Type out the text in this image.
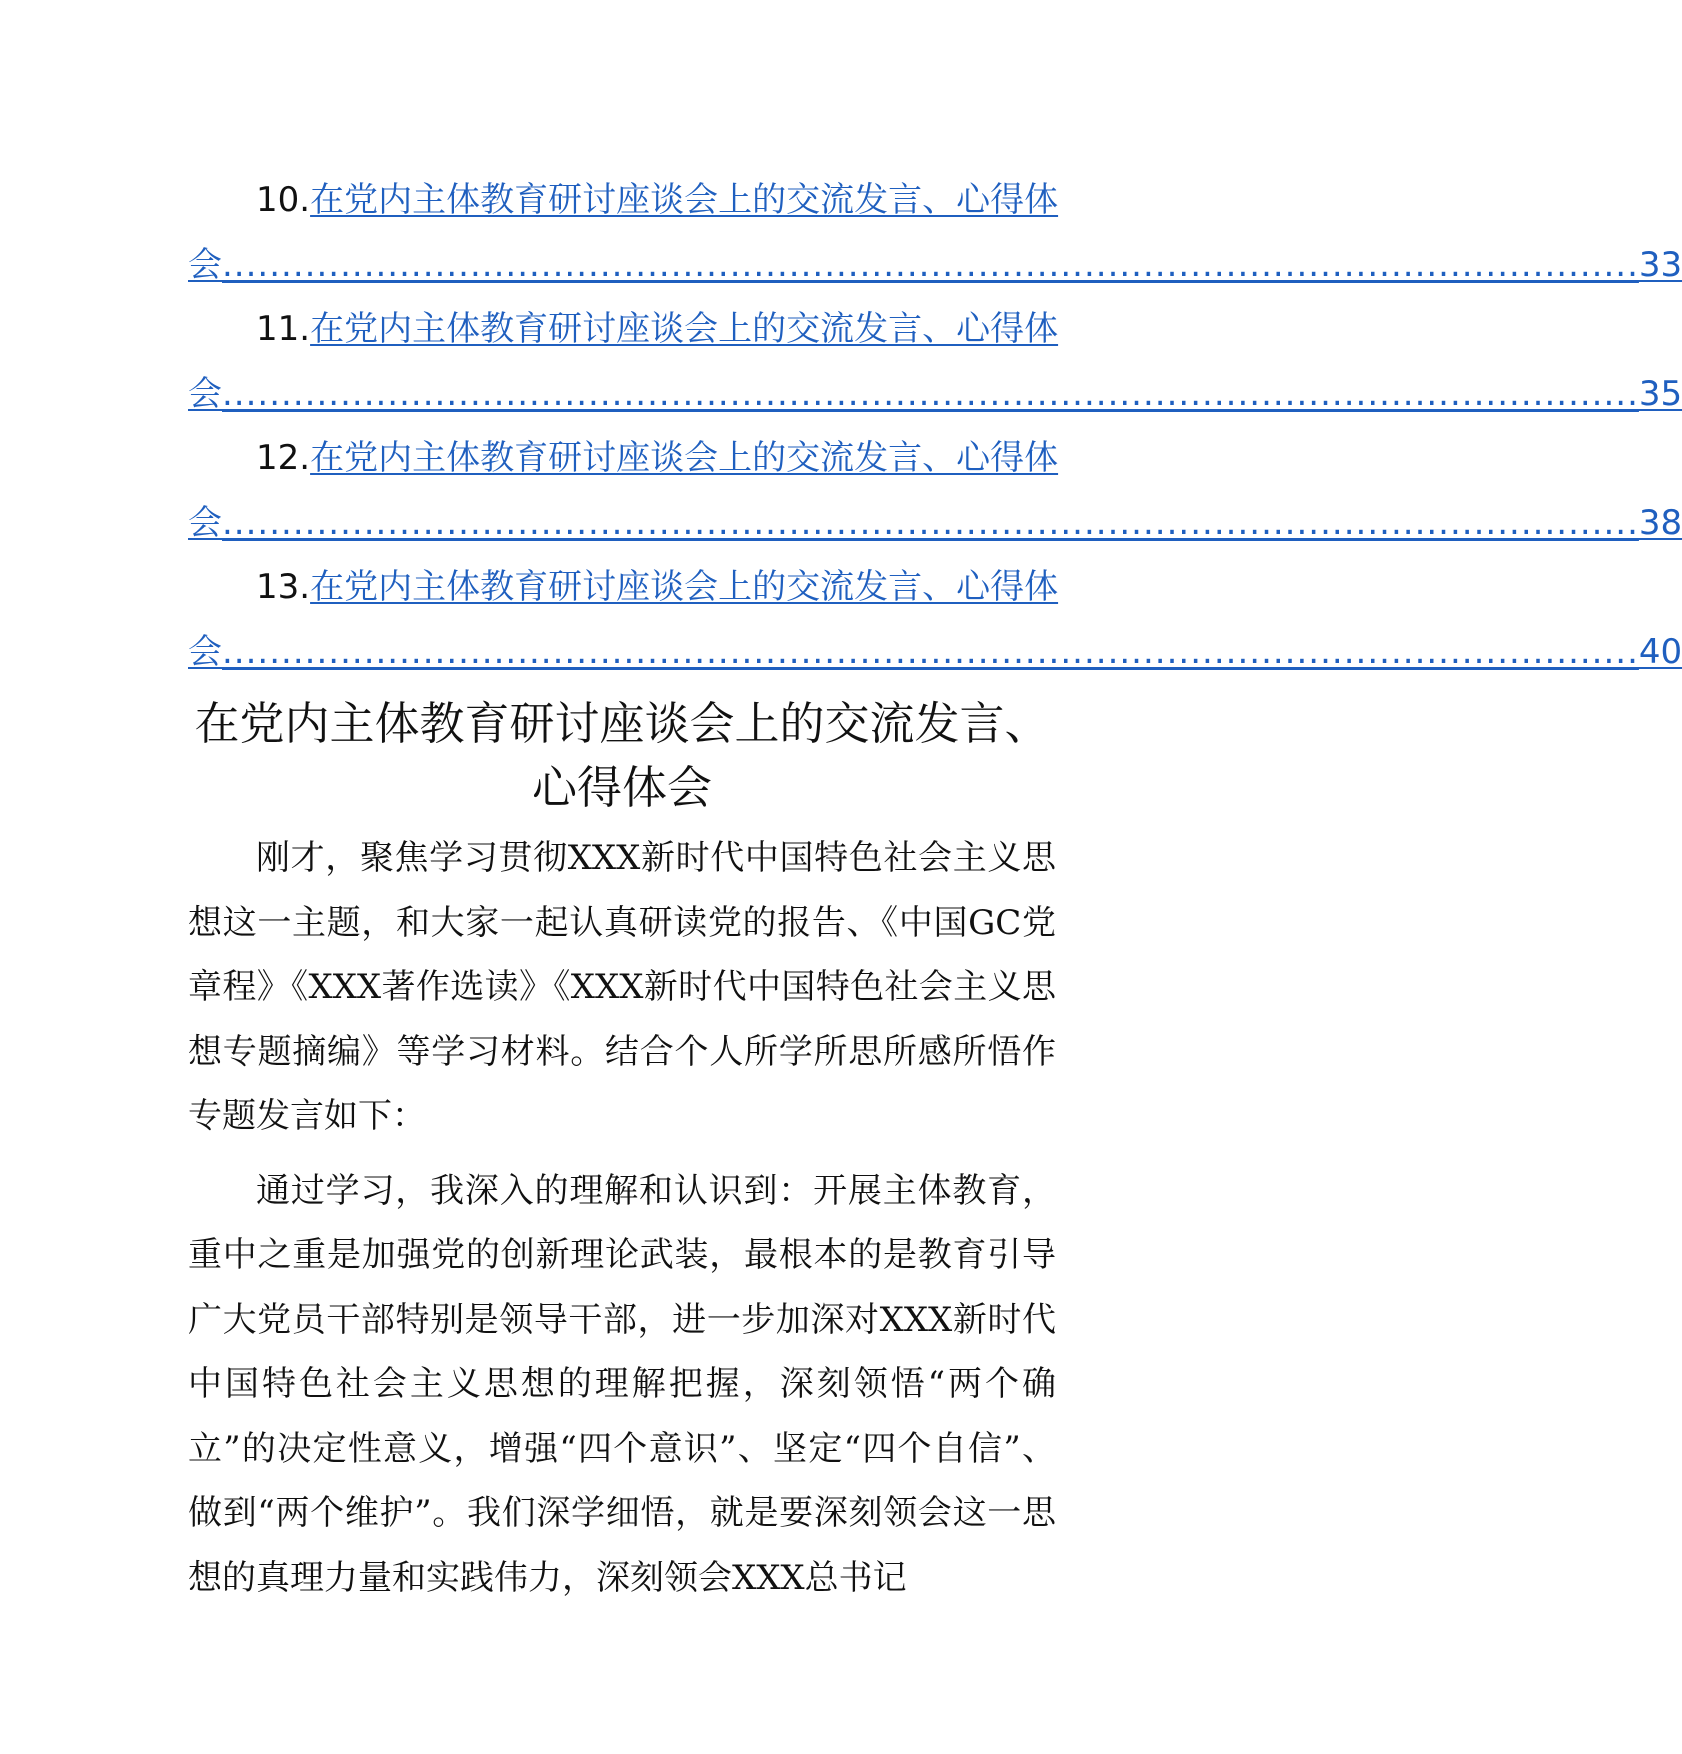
10.在党内主体教育研讨座谈会上的交流发言、心得体
会 ........................................................................................................................ 33
11.在党内主体教育研讨座谈会上的交流发言、心得体
会 ........................................................................................................................ 35
12.在党内主体教育研讨座谈会上的交流发言、心得体
会 ........................................................................................................................ 38
13.在党内主体教育研讨座谈会上的交流发言、心得体
会 ........................................................................................................................ 40
在党内主体教育研讨座谈会上的交流发言、
心得体会

刚才，聚焦学习贯彻XXX新时代中国特色社会主义思想这一主题，和大家一起认真研读党的报告、《中国GC党章程》《XXX著作选读》《XXX新时代中国特色社会主义思想专题摘编》等学习材料。结合个人所学所思所感所悟作专题发言如下：

通过学习，我深入的理解和认识到：开展主体教育，重中之重是加强党的创新理论武装，最根本的是教育引导广大党员干部特别是领导干部，进一步加深对XXX新时代中国特色社会主义思想的理解把握，深刻领悟“两个确立”的决定性意义，增强“四个意识”、坚定“四个自信”、做到“两个维护”。我们深学细悟，就是要深刻领会这一思想的真理力量和实践伟力，深刻领会XXX总书记
